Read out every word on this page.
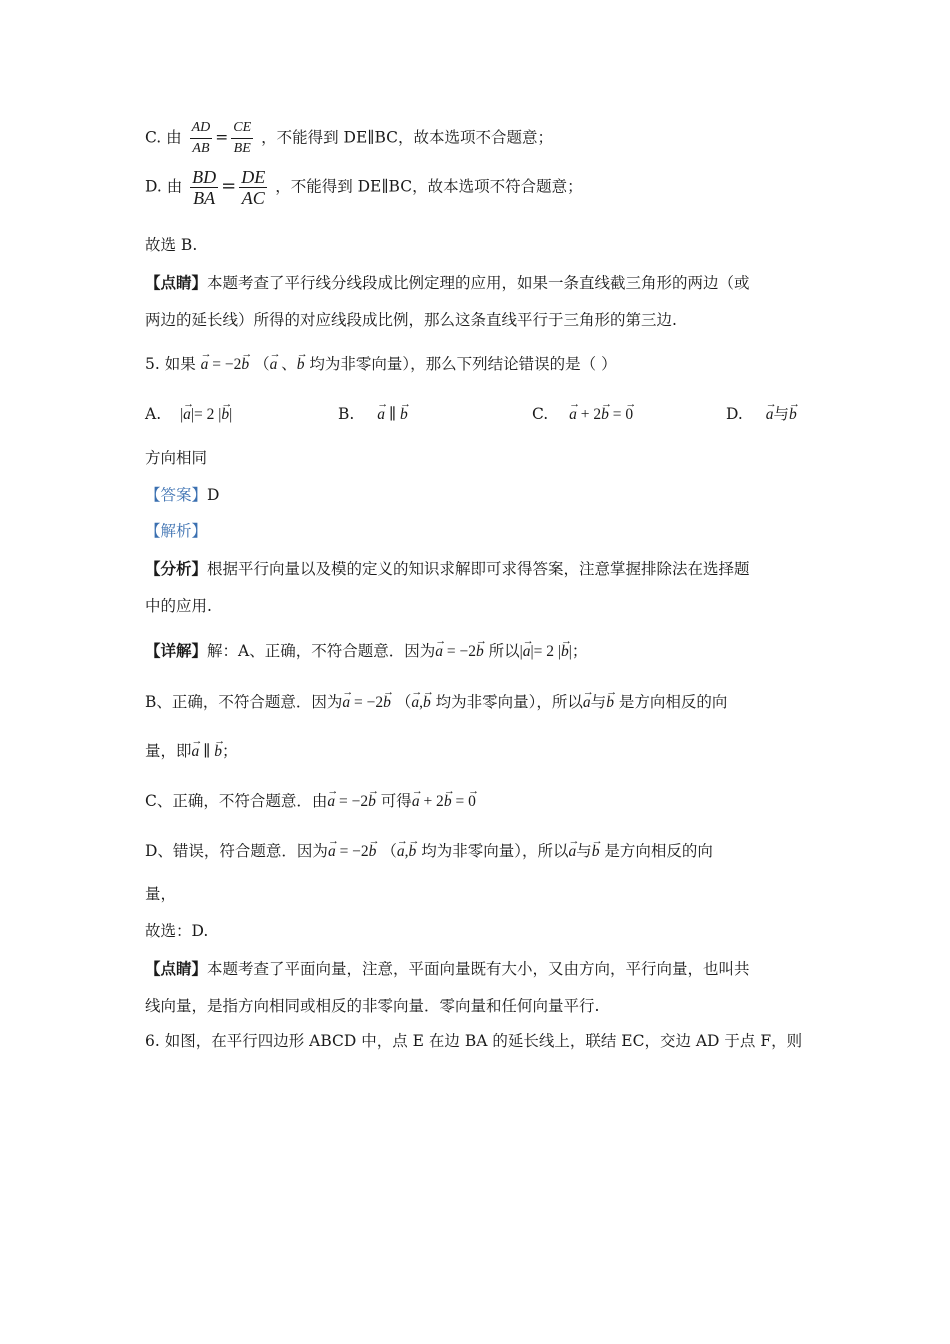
C. 由 $\frac{AD}{AB} = \frac{CE}{BE}$ ，不能得到 DE∥BC，故本选项不合题意；
D. 由 $\frac{BD}{BA} = \frac{DE}{AC}$ ，不能得到 DE∥BC，故本选项不符合题意；
故选 B.
【点睛】本题考查了平行线分线段成比例定理的应用，如果一条直线截三角形的两边（或
两边的延长线）所得的对应线段成比例，那么这条直线平行于三角形的第三边.
5. 如果 → a = −2→ b （→ a 、→ b 均为非零向量），那么下列结论错误的是（ ）
A. |→ a|= 2 |→ b|	B. → a ∥ → b	C. → a + 2→ b = → 0	D. → a与→ b
方向相同
【答案】D
【解析】
【分析】根据平行向量以及模的定义的知识求解即可求得答案，注意掌握排除法在选择题
中的应用.
【详解】解：A、正确，不符合题意．因为→ a = −2→ b 所以|→ a|= 2 |→ b|；
B、正确，不符合题意．因为→ a = −2→ b （→ a,→ b 均为非零向量），所以→ a与→ b 是方向相反的向
量，即→ a ∥ → b；
C、正确，不符合题意．由→ a = −2→ b 可得→ a + 2→ b = → 0
D、错误，符合题意．因为→ a = −2→ b （→ a,→ b 均为非零向量），所以→ a与→ b 是方向相反的向
量，
故选：D.
【点睛】本题考查了平面向量，注意，平面向量既有大小，又由方向，平行向量，也叫共
线向量，是指方向相同或相反的非零向量．零向量和任何向量平行.
6. 如图，在平行四边形 ABCD 中，点 E 在边 BA 的延长线上，联结 EC，交边 AD 于点 F，则
